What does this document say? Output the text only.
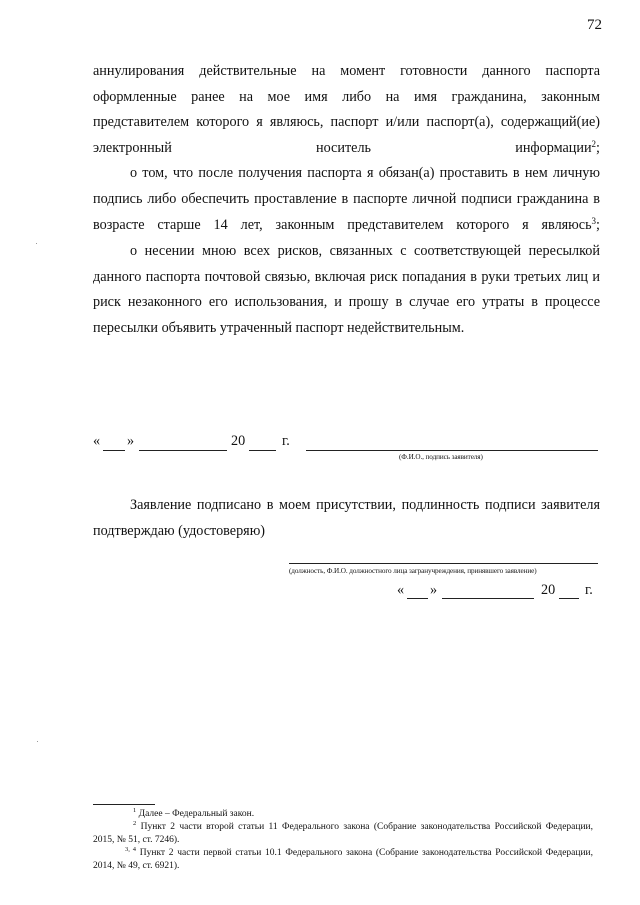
72

аннулирования действительные на момент готовности данного паспорта оформленные ранее на мое имя либо на имя гражданина, законным представителем которого я являюсь, паспорт и/или паспорт(а), содержащий(ие) электронный носитель информации$^2$;

о том, что после получения паспорта я обязан(а) проставить в нем личную подпись либо обеспечить проставление в паспорте личной подписи гражданина в возрасте старше 14 лет, законным представителем которого я являюсь$^3$;

о несении мною всех рисков, связанных с соответствующей пересылкой данного паспорта почтовой связью, включая риск попадания в руки третьих лиц и риск незаконного его использования, и прошу в случае его утраты в процессе пересылки объявить утраченный паспорт недействительным.

« »	20	г.
(Ф.И.О., подпись заявителя)

Заявление подписано в моем присутствии, подлинность подписи заявителя подтверждаю (удостоверяю)

(должность, Ф.И.О. должностного лица загранучреждения, принявшего заявление)
« »	20 г.

$^1$ Далее – Федеральный закон.

$^2$ Пункт 2 части второй статьи 11 Федерального закона (Собрание законодательства Российской Федерации, 2015, № 51, ст. 7246).

$^{3, 4}$ Пункт 2 части первой статьи 10.1 Федерального закона (Собрание законодательства Российской Федерации, 2014, № 49, ст. 6921).
